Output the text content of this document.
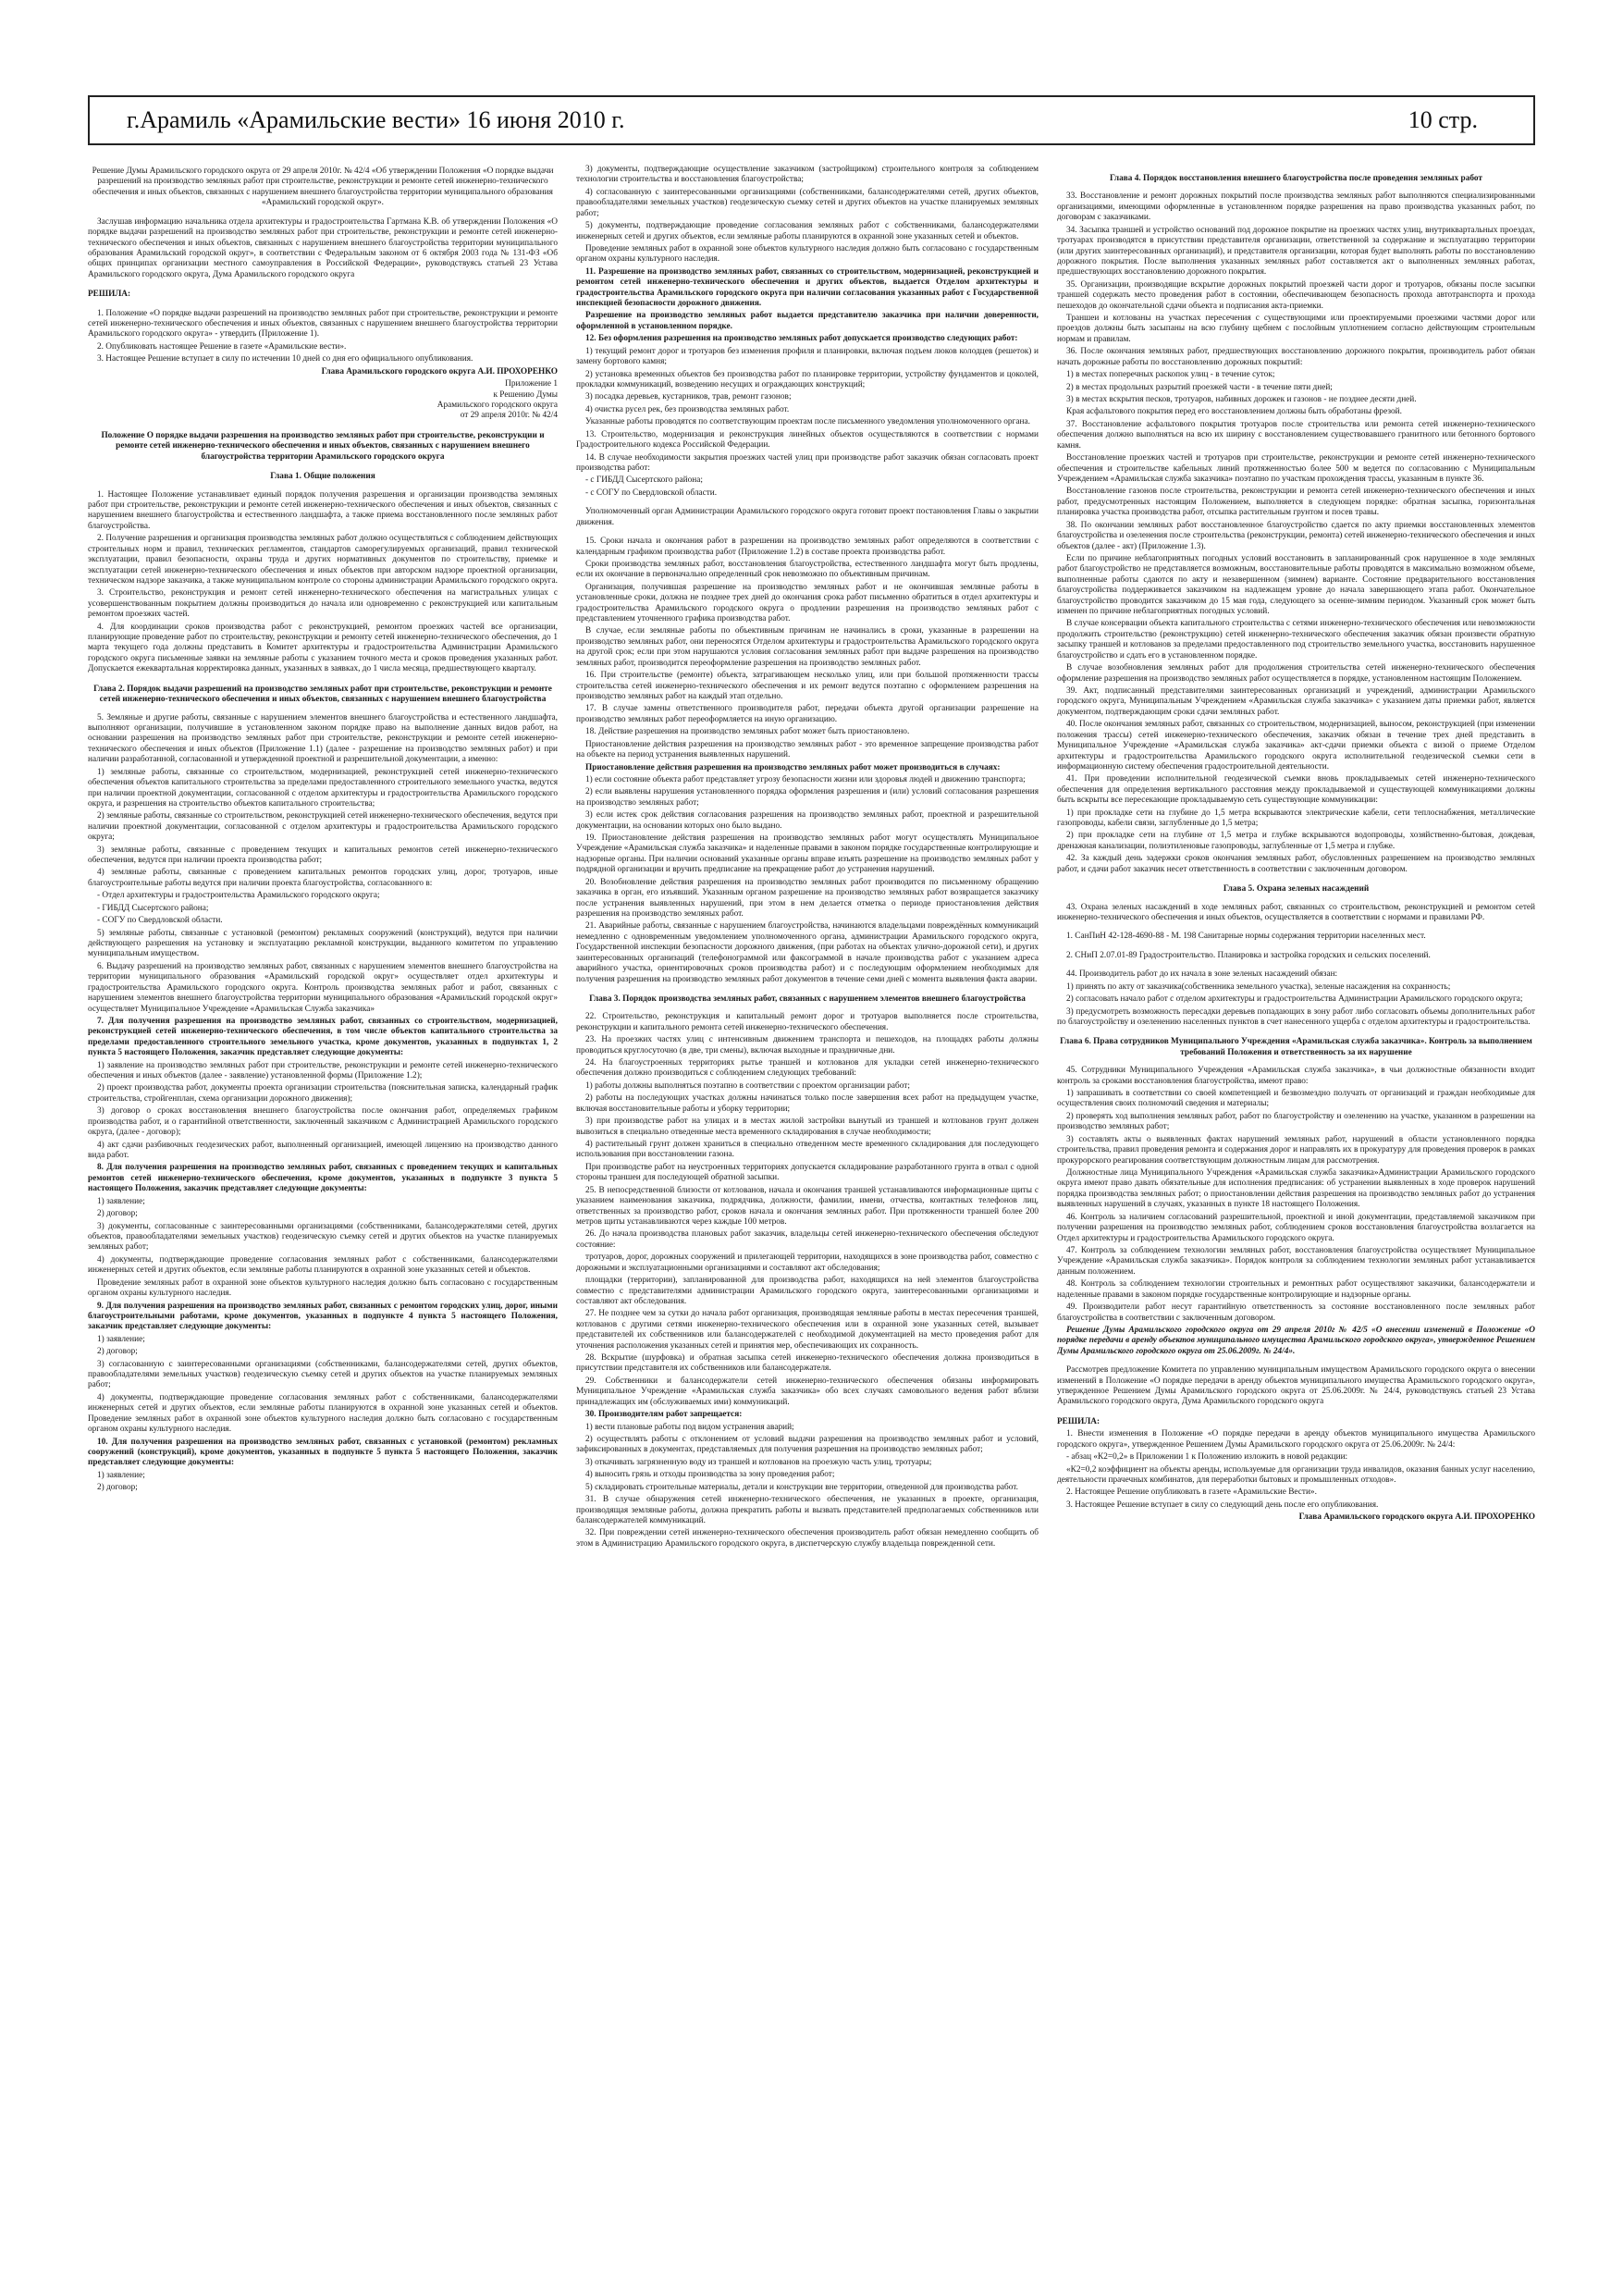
г.Арамиль «Арамильские вести» 16 июня 2010 г.	10 стр.

Решение Думы Арамильского городского округа от 29 апреля 2010г. № 42/4 «Об утверждении Положения «О порядке выдачи разрешений на производство земляных работ при строительстве, реконструкции и ремонте сетей инженерно-технического обеспечения и иных объектов, связанных с нарушением внешнего благоустройства территории муниципального образования «Арамильский городской округ».

Заслушав информацию начальника отдела архитектуры и градостроительства Гартмана К.В. об утверждении Положения «О порядке выдачи разрешений на производство земляных работ при строительстве, реконструкции и ремонте сетей инженерно-технического обеспечения и иных объектов, связанных с нарушением внешнего благоустройства территории муниципального образования Арамильский городской округ», в соответствии с Федеральным законом от 6 октября 2003 года № 131-ФЗ «Об общих принципах организации местного самоуправления в Российской Федерации», руководствуясь статьей 23 Устава Арамильского городского округа, Дума Арамильского городского округа

РЕШИЛА:

1. Положение «О порядке выдачи разрешений на производство земляных работ при строительстве, реконструкции и ремонте сетей инженерно-технического обеспечения и иных объектов, связанных с нарушением внешнего благоустройства территории Арамильского городского округа» - утвердить (Приложение 1).

2. Опубликовать настоящее Решение в газете «Арамильские вести».

3. Настоящее Решение вступает в силу по истечении 10 дней со дня его официального опубликования.

Глава Арамильского городского округа А.И. ПРОХОРЕНКО

Приложение 1

к Решению Думы

Арамильского городского округа

от 29 апреля 2010г. № 42/4

Положение О порядке выдачи разрешения на производство земляных работ при строительстве, реконструкции и ремонте сетей инженерно-технического обеспечения и иных объектов, связанных с нарушением внешнего благоустройства территории Арамильского городского округа

Глава 1. Общие положения

1. Настоящее Положение устанавливает единый порядок получения разрешения и организации производства земляных работ при строительстве, реконструкции и ремонте сетей инженерно-технического обеспечения и иных объектов, связанных с нарушением внешнего благоустройства и естественного ландшафта, а также приема восстановленного после земляных работ благоустройства.

2. Получение разрешения и организация производства земляных работ должно осуществляться с соблюдением действующих строительных норм и правил, технических регламентов, стандартов саморегулируемых организаций, правил технической эксплуатации, правил безопасности, охраны труда и других нормативных документов по строительству, приемке и эксплуатации сетей инженерно-технического обеспечения и иных объектов при авторском надзоре проектной организации, техническом надзоре заказчика, а также муниципальном контроле со стороны администрации Арамильского городского округа.

3. Строительство, реконструкция и ремонт сетей инженерно-технического обеспечения на магистральных улицах с усовершенствованным покрытием должны производиться до начала или одновременно с реконструкцией или капитальным ремонтом проезжих частей.

4. Для координации сроков производства работ с реконструкцией, ремонтом проезжих частей все организации, планирующие проведение работ по строительству, реконструкции и ремонту сетей инженерно-технического обеспечения, до 1 марта текущего года должны представить в Комитет архитектуры и градостроительства Администрации Арамильского городского округа письменные заявки на земляные работы с указанием точного места и сроков проведения указанных работ. Допускается ежеквартальная корректировка данных, указанных в заявках, до 1 числа месяца, предшествующего кварталу.

Глава 2. Порядок выдачи разрешений на производство земляных работ при строительстве, реконструкции и ремонте сетей инженерно-технического обеспечения и иных объектов, связанных с нарушением внешнего благоустройства

5. Земляные и другие работы, связанные с нарушением элементов внешнего благоустройства и естественного ландшафта, выполняют организации, получившие в установленном законом порядке право на выполнение данных видов работ, на основании разрешения на производство земляных работ при строительстве, реконструкции и ремонте сетей инженерно-технического обеспечения и иных объектов (Приложение 1.1) (далее - разрешение на производство земляных работ) и при наличии разработанной, согласованной и утвержденной проектной и разрешительной документации, а именно:

1) земляные работы, связанные со строительством, модернизацией, реконструкцией сетей инженерно-технического обеспечения объектов капитального строительства за пределами предоставленного строительного земельного участка, ведутся при наличии проектной документации, согласованной с отделом архитектуры и градостроительства Арамильского городского округа, и разрешения на строительство объектов капитального строительства;

2) земляные работы, связанные со строительством, реконструкцией сетей инженерно-технического обеспечения, ведутся при наличии проектной документации, согласованной с отделом архитектуры и градостроительства Арамильского городского округа;

3) земляные работы, связанные с проведением текущих и капитальных ремонтов сетей инженерно-технического обеспечения, ведутся при наличии проекта производства работ;

4) земляные работы, связанные с проведением капитальных ремонтов городских улиц, дорог, тротуаров, иные благоустроительные работы ведутся при наличии проекта благоустройства, согласованного в:

- Отдел архитектуры и градостроительства Арамильского городского округа;

- ГИБДД Сысертского района;

- СОГУ по Свердловской области.

5) земляные работы, связанные с установкой (ремонтом) рекламных сооружений (конструкций), ведутся при наличии действующего разрешения на установку и эксплуатацию рекламной конструкции, выданного комитетом по управлению муниципальным имуществом.

6. Выдачу разрешений на производство земляных работ, связанных с нарушением элементов внешнего благоустройства на территории муниципального образования «Арамильский городской округ» осуществляет отдел архитектуры и градостроительства Арамильского городского округа. Контроль производства земляных работ и работ, связанных с нарушением элементов внешнего благоустройства территории муниципального образования «Арамильский городской округ» осуществляет Муниципальное Учреждение «Арамильская Служба заказчика»

7. Для получения разрешения на производство земляных работ, связанных со строительством, модернизацией, реконструкцией сетей инженерно-технического обеспечения, в том числе объектов капитального строительства за пределами предоставленного строительного земельного участка, кроме документов, указанных в подпунктах 1, 2 пункта 5 настоящего Положения, заказчик представляет следующие документы:

1) заявление на производство земляных работ при строительстве, реконструкции и ремонте сетей инженерно-технического обеспечения и иных объектов (далее - заявление) установленной формы (Приложение 1.2);

2) проект производства работ, документы проекта организации строительства (пояснительная записка, календарный график строительства, стройгенплан, схема организации дорожного движения);

3) договор о сроках восстановления внешнего благоустройства после окончания работ, определяемых графиком производства работ, и о гарантийной ответственности, заключенный заказчиком с Администрацией Арамильского городского округа, (далее - договор);

4) акт сдачи разбивочных геодезических работ, выполненный организацией, имеющей лицензию на производство данного вида работ.

8. Для получения разрешения на производство земляных работ, связанных с проведением текущих и капитальных ремонтов сетей инженерно-технического обеспечения, кроме документов, указанных в подпункте 3 пункта 5 настоящего Положения, заказчик представляет следующие документы:

1) заявление;

2) договор;

3) документы, согласованные с заинтересованными организациями (собственниками, балансодержателями сетей, других объектов, правообладателями земельных участков) геодезическую съемку сетей и других объектов на участке планируемых земляных работ;

4) документы, подтверждающие проведение согласования земляных работ с собственниками, балансодержателями инженерных сетей и других объектов, если земляные работы планируются в охранной зоне указанных сетей и объектов.

Проведение земляных работ в охранной зоне объектов культурного наследия должно быть согласовано с государственным органом охраны культурного наследия.

9. Для получения разрешения на производство земляных работ, связанных с ремонтом городских улиц, дорог, иными благоустроительными работами, кроме документов, указанных в подпункте 4 пункта 5 настоящего Положения, заказчик представляет следующие документы:

1) заявление;

2) договор;

3) согласованную с заинтересованными организациями (собственниками, балансодержателями сетей, других объектов, правообладателями земельных участков) геодезическую съемку сетей и других объектов на участке планируемых земляных работ;

4) документы, подтверждающие проведение согласования земляных работ с собственниками, балансодержателями инженерных сетей и других объектов, если земляные работы планируются в охранной зоне указанных сетей и объектов. Проведение земляных работ в охранной зоне объектов культурного наследия должно быть согласовано с государственным органом охраны культурного наследия.

10. Для получения разрешения на производство земляных работ, связанных с установкой (ремонтом) рекламных сооружений (конструкций), кроме документов, указанных в подпункте 5 пункта 5 настоящего Положения, заказчик представляет следующие документы:

1) заявление;

2) договор;

3) документы, подтверждающие осуществление заказчиком (застройщиком) строительного контроля за соблюдением технологии строительства и восстановления благоустройства;

4) согласованную с заинтересованными организациями (собственниками, балансодержателями сетей, других объектов, правообладателями земельных участков) геодезическую съемку сетей и других объектов на участке планируемых земляных работ;

5) документы, подтверждающие проведение согласования земляных работ с собственниками, балансодержателями инженерных сетей и других объектов, если земляные работы планируются в охранной зоне указанных сетей и объектов.

Проведение земляных работ в охранной зоне объектов культурного наследия должно быть согласовано с государственным органом охраны культурного наследия.

11. Разрешение на производство земляных работ, связанных со строительством, модернизацией, реконструкцией и ремонтом сетей инженерно-технического обеспечения и других объектов, выдается Отделом архитектуры и градостроительства Арамильского городского округа при наличии согласования указанных работ с Государственной инспекцией безопасности дорожного движения.

Разрешение на производство земляных работ выдается представителю заказчика при наличии доверенности, оформленной в установленном порядке.

12. Без оформления разрешения на производство земляных работ допускается производство следующих работ:

1) текущий ремонт дорог и тротуаров без изменения профиля и планировки, включая подъем люков колодцев (решеток) и замену бортового камня;

2) установка временных объектов без производства работ по планировке территории, устройству фундаментов и цоколей, прокладки коммуникаций, возведению несущих и ограждающих конструкций;

3) посадка деревьев, кустарников, трав, ремонт газонов;

4) очистка русел рек, без производства земляных работ.

Указанные работы проводятся по соответствующим проектам после письменного уведомления уполномоченного органа.

13. Строительство, модернизация и реконструкция линейных объектов осуществляются в соответствии с нормами Градостроительного кодекса Российской Федерации.

14. В случае необходимости закрытия проезжих частей улиц при производстве работ заказчик обязан согласовать проект производства работ:

- с ГИБДД Сысертского района;

- с СОГУ по Свердловской области.

Уполномоченный орган Администрации Арамильского городского округа готовит проект постановления Главы о закрытии движения.

15. Сроки начала и окончания работ в разрешении на производство земляных работ определяются в соответствии с календарным графиком производства работ (Приложение 1.2) в составе проекта производства работ.

Сроки производства земляных работ, восстановления благоустройства, естественного ландшафта могут быть продлены, если их окончание в первоначально определенный срок невозможно по объективным причинам.

Организация, получившая разрешение на производство земляных работ и не окончившая земляные работы в установленные сроки, должна не позднее трех дней до окончания срока работ письменно обратиться в отдел архитектуры и градостроительства Арамильского городского округа о продлении разрешения на производство земляных работ с представлением уточненного графика производства работ.

В случае, если земляные работы по объективным причинам не начинались в сроки, указанные в разрешении на производство земляных работ, они переносятся Отделом архитектуры и градостроительства Арамильского городского округа на другой срок; если при этом нарушаются условия согласования земляных работ при выдаче разрешения на производство земляных работ, производится переоформление разрешения на производство земляных работ.

16. При строительстве (ремонте) объекта, затрагивающем несколько улиц, или при большой протяженности трассы строительства сетей инженерно-технического обеспечения и их ремонт ведутся поэтапно с оформлением разрешения на производство земляных работ на каждый этап отдельно.

17. В случае замены ответственного производителя работ, передачи объекта другой организации разрешение на производство земляных работ переоформляется на иную организацию.

18. Действие разрешения на производство земляных работ может быть приостановлено.

Приостановление действия разрешения на производство земляных работ - это временное запрещение производства работ на объекте на период устранения выявленных нарушений.

Приостановление действия разрешения на производство земляных работ может производиться в случаях:

1) если состояние объекта работ представляет угрозу безопасности жизни или здоровья людей и движению транспорта;

2) если выявлены нарушения установленного порядка оформления разрешения и (или) условий согласования разрешения на производство земляных работ;

3) если истек срок действия согласования разрешения на производство земляных работ, проектной и разрешительной документации, на основании которых оно было выдано.

19. Приостановление действия разрешения на производство земляных работ могут осуществлять Муниципальное Учреждение «Арамильская служба заказчика» и наделенные правами в законом порядке государственные контролирующие и надзорные органы. При наличии оснований указанные органы вправе изъять разрешение на производство земляных работ у подрядной организации и вручить предписание на прекращение работ до устранения нарушений.

20. Возобновление действия разрешения на производство земляных работ производится по письменному обращению заказчика в орган, его изъявший. Указанным органом разрешение на производство земляных работ возвращается заказчику после устранения выявленных нарушений, при этом в нем делается отметка о периоде приостановления действия разрешения на производство земляных работ.

21. Аварийные работы, связанные с нарушением благоустройства, начинаются владельцами повреждённых коммуникаций немедленно с одновременным уведомлением уполномоченного органа, администрации Арамильского городского округа, Государственной инспекции безопасности дорожного движения, (при работах на объектах улично-дорожной сети), и других заинтересованных организаций (телефонограммой или факсограммой в начале производства работ с указанием адреса аварийного участка, ориентировочных сроков производства работ) и с последующим оформлением необходимых для получения разрешения на производство земляных работ документов в течение семи дней с момента выявления факта аварии.

Глава 3. Порядок производства земляных работ, связанных с нарушением элементов внешнего благоустройства

22. Строительство, реконструкция и капитальный ремонт дорог и тротуаров выполняется после строительства, реконструкции и капитального ремонта сетей инженерно-технического обеспечения.

23. На проезжих частях улиц с интенсивным движением транспорта и пешеходов, на площадях работы должны проводиться круглосуточно (в две, три смены), включая выходные и праздничные дни.

24. На благоустроенных территориях рытье траншей и котлованов для укладки сетей инженерно-технического обеспечения должно производиться с соблюдением следующих требований:

1) работы должны выполняться поэтапно в соответствии с проектом организации работ;

2) работы на последующих участках должны начинаться только после завершения всех работ на предыдущем участке, включая восстановительные работы и уборку территории;

3) при производстве работ на улицах и в местах жилой застройки вынутый из траншей и котлованов грунт должен вывозиться в специально отведенные места временного складирования в случае необходимости;

4) растительный грунт должен храниться в специально отведенном месте временного складирования для последующего использования при восстановлении газона.

При производстве работ на неустроенных территориях допускается складирование разработанного грунта в отвал с одной стороны траншеи для последующей обратной засыпки.

25. В непосредственной близости от котлованов, начала и окончания траншей устанавливаются информационные щиты с указанием наименования заказчика, подрядчика, должности, фамилии, имени, отчества, контактных телефонов лиц, ответственных за производство работ, сроков начала и окончания земляных работ. При протяженности траншей более 200 метров щиты устанавливаются через каждые 100 метров.

26. До начала производства плановых работ заказчик, владельцы сетей инженерно-технического обеспечения обследуют состояние:

тротуаров, дорог, дорожных сооружений и прилегающей территории, находящихся в зоне производства работ, совместно с дорожными и эксплуатационными организациями и составляют акт обследования;

площадки (территории), запланированной для производства работ, находящихся на ней элементов благоустройства совместно с представителями администрации Арамильского городского округа, заинтересованными организациями и составляют акт обследования.

27. Не позднее чем за сутки до начала работ организация, производящая земляные работы в местах пересечения траншей, котлованов с другими сетями инженерно-технического обеспечения или в охранной зоне указанных сетей, вызывает представителей их собственников или балансодержателей с необходимой документацией на место проведения работ для уточнения расположения указанных сетей и принятия мер, обеспечивающих их сохранность.

28. Вскрытие (шурфовка) и обратная засыпка сетей инженерно-технического обеспечения должна производиться в присутствии представителя их собственников или балансодержателя.

29. Собственники и балансодержатели сетей инженерно-технического обеспечения обязаны информировать Муниципальное Учреждение «Арамильская служба заказчика» обо всех случаях самовольного ведения работ вблизи принадлежащих им (обслуживаемых ими) коммуникаций.

30. Производителям работ запрещается:

1) вести плановые работы под видом устранения аварий;

2) осуществлять работы с отклонением от условий выдачи разрешения на производство земляных работ и условий, зафиксированных в документах, представляемых для получения разрешения на производство земляных работ;

3) откачивать загрязненную воду из траншей и котлованов на проезжую часть улиц, тротуары;

4) выносить грязь и отходы производства за зону проведения работ;

5) складировать строительные материалы, детали и конструкции вне территории, отведенной для производства работ.

31. В случае обнаружения сетей инженерно-технического обеспечения, не указанных в проекте, организация, производящая земляные работы, должна прекратить работы и вызвать представителей предполагаемых собственников или балансодержателей коммуникаций.

32. При повреждении сетей инженерно-технического обеспечения производитель работ обязан немедленно сообщить об этом в Администрацию Арамильского городского округа, в диспетчерскую службу владельца поврежденной сети.

Глава 4. Порядок восстановления внешнего благоустройства после проведения земляных работ

33. Восстановление и ремонт дорожных покрытий после производства земляных работ выполняются специализированными организациями, имеющими оформленные в установленном порядке разрешения на право производства указанных работ, по договорам с заказчиками.

34. Засыпка траншей и устройство оснований под дорожное покрытие на проезжих частях улиц, внутриквартальных проездах, тротуарах производятся в присутствии представителя организации, ответственной за содержание и эксплуатацию территории (или других заинтересованных организаций), и представителя организации, которая будет выполнять работы по восстановлению дорожного покрытия. После выполнения указанных земляных работ составляется акт о выполненных земляных работах, предшествующих восстановлению дорожного покрытия.

35. Организации, производящие вскрытие дорожных покрытий проезжей части дорог и тротуаров, обязаны после засыпки траншей содержать место проведения работ в состоянии, обеспечивающем безопасность прохода автотранспорта и прохода пешеходов до окончательной сдачи объекта и подписания акта-приемки.

Траншеи и котлованы на участках пересечения с существующими или проектируемыми проезжими частями дорог или проездов должны быть засыпаны на всю глубину щебнем с послойным уплотнением согласно действующим строительным нормам и правилам.

36. После окончания земляных работ, предшествующих восстановлению дорожного покрытия, производитель работ обязан начать дорожные работы по восстановлению дорожных покрытий:

1) в местах поперечных раскопок улиц - в течение суток;

2) в местах продольных разрытий проезжей части - в течение пяти дней;

3) в местах вскрытия песков, тротуаров, набивных дорожек и газонов - не позднее десяти дней.

Края асфальтового покрытия перед его восстановлением должны быть обработаны фрезой.

37. Восстановление асфальтового покрытия тротуаров после строительства или ремонта сетей инженерно-технического обеспечения должно выполняться на всю их ширину с восстановлением существовавшего гранитного или бетонного бортового камня.

Восстановление проезжих частей и тротуаров при строительстве, реконструкции и ремонте сетей инженерно-технического обеспечения и строительстве кабельных линий протяженностью более 500 м ведется по согласованию с Муниципальным Учреждением «Арамильская служба заказчика» поэтапно по участкам прохождения трассы, указанным в пункте 36.

Восстановление газонов после строительства, реконструкции и ремонта сетей инженерно-технического обеспечения и иных работ, предусмотренных настоящим Положением, выполняется в следующем порядке: обратная засыпка, горизонтальная планировка участка производства работ, отсыпка растительным грунтом и посев травы.

38. По окончании земляных работ восстановленное благоустройство сдается по акту приемки восстановленных элементов благоустройства и озеленения после строительства (реконструкции, ремонта) сетей инженерно-технического обеспечения и иных объектов (далее - акт) (Приложение 1.3).

Если по причине неблагоприятных погодных условий восстановить в запланированный срок нарушенное в ходе земляных работ благоустройство не представляется возможным, восстановительные работы проводятся в максимально возможном объеме, выполненные работы сдаются по акту и незавершенном (зимнем) варианте. Состояние предварительного восстановления благоустройства поддерживается заказчиком на надлежащем уровне до начала завершающего этапа работ. Окончательное благоустройство проводится заказчиком до 15 мая года, следующего за осенне-зимним периодом. Указанный срок может быть изменен по причине неблагоприятных погодных условий.

В случае консервации объекта капитального строительства с сетями инженерно-технического обеспечения или невозможности продолжить строительство (реконструкцию) сетей инженерно-технического обеспечения заказчик обязан произвести обратную засыпку траншей и котлованов за пределами предоставленного под строительство земельного участка, восстановить нарушенное благоустройство и сдать его в установленном порядке.

В случае возобновления земляных работ для продолжения строительства сетей инженерно-технического обеспечения оформление разрешения на производство земляных работ осуществляется в порядке, установленном настоящим Положением.

39. Акт, подписанный представителями заинтересованных организаций и учреждений, администрации Арамильского городского округа, Муниципальным Учреждением «Арамильская служба заказчика» с указанием даты приемки работ, является документом, подтверждающим сроки сдачи земляных работ.

40. После окончания земляных работ, связанных со строительством, модернизацией, выносом, реконструкцией (при изменении положения трассы) сетей инженерно-технического обеспечения, заказчик обязан в течение трех дней представить в Муниципальное Учреждение «Арамильская служба заказчика» акт-сдачи приемки объекта с визой о приеме Отделом архитектуры и градостроительства Арамильского городского округа исполнительной геодезической съемки сети в информационную систему обеспечения градостроительной деятельности.

41. При проведении исполнительной геодезической съемки вновь прокладываемых сетей инженерно-технического обеспечения для определения вертикального расстояния между прокладываемой и существующей коммуникациями должны быть вскрыты все пересекающие прокладываемую сеть существующие коммуникации:

1) при прокладке сети на глубине до 1,5 метра вскрываются электрические кабели, сети теплоснабжения, металлические газопроводы, кабели связи, заглубленные до 1,5 метра;

2) при прокладке сети на глубине от 1,5 метра и глубже вскрываются водопроводы, хозяйственно-бытовая, дождевая, дренажная канализации, полиэтиленовые газопроводы, заглубленные от 1,5 метра и глубже.

42. За каждый день задержки сроков окончания земляных работ, обусловленных разрешением на производство земляных работ, и сдачи работ заказчик несет ответственность в соответствии с заключенным договором.

Глава 5. Охрана зеленых насаждений

43. Охрана зеленых насаждений в ходе земляных работ, связанных со строительством, реконструкцией и ремонтом сетей инженерно-технического обеспечения и иных объектов, осуществляется в соответствии с нормами и правилами РФ.

1. СанПиН 42-128-4690-88 - М. 198 Санитарные нормы содержания территории населенных мест.

2. СНиП 2.07.01-89 Градостроительство. Планировка и застройка городских и сельских поселений.

44. Производитель работ до их начала в зоне зеленых насаждений обязан:

1) принять по акту от заказчика(собственника земельного участка), зеленые насаждения на сохранность;

2) согласовать начало работ с отделом архитектуры и градостроительства Администрации Арамильского городского округа;

3) предусмотреть возможность пересадки деревьев попадающих в зону работ либо согласовать объемы дополнительных работ по благоустройству и озеленению населенных пунктов в счет нанесенного ущерба с отделом архитектуры и градостроительства.

Глава 6. Права сотрудников Муниципального Учреждения «Арамильская служба заказчика». Контроль за выполнением требований Положения и ответственность за их нарушение

45. Сотрудники Муниципального Учреждения «Арамильская служба заказчика», в чьи должностные обязанности входит контроль за сроками восстановления благоустройства, имеют право:

1) запрашивать в соответствии со своей компетенцией и безвозмездно получать от организаций и граждан необходимые для осуществления своих полномочий сведения и материалы;

2) проверять ход выполнения земляных работ, работ по благоустройству и озеленению на участке, указанном в разрешении на производство земляных работ;

3) составлять акты о выявленных фактах нарушений земляных работ, нарушений в области установленного порядка строительства, правил проведения ремонта и содержания дорог и направлять их в прокуратуру для проведения проверок в рамках прокурорского реагирования соответствующим должностным лицам для рассмотрения.

Должностные лица Муниципального Учреждения «Арамильская служба заказчика»Администрации Арамильского городского округа имеют право давать обязательные для исполнения предписания: об устранении выявленных в ходе проверок нарушений порядка производства земляных работ; о приостановлении действия разрешения на производство земляных работ до устранения выявленных нарушений в случаях, указанных в пункте 18 настоящего Положения.

46. Контроль за наличием согласований разрешительной, проектной и иной документации, представляемой заказчиком при получении разрешения на производство земляных работ, соблюдением сроков восстановления благоустройства возлагается на Отдел архитектуры и градостроительства Арамильского городского округа.

47. Контроль за соблюдением технологии земляных работ, восстановления благоустройства осуществляет Муниципальное Учреждение «Арамильская служба заказчика». Порядок контроля за соблюдением технологии земляных работ устанавливается данным положением.

48. Контроль за соблюдением технологии строительных и ремонтных работ осуществляют заказчики, балансодержатели и наделенные правами в законом порядке государственные контролирующие и надзорные органы.

49. Производители работ несут гарантийную ответственность за состояние восстановленного после земляных работ благоустройства в соответствии с заключенным договором.

Решение Думы Арамильского городского округа от 29 апреля 2010г № 42/5 «О внесении изменений в Положение «О порядке передачи в аренду объектов муниципального имущества Арамильского городского округа», утвержденное Решением Думы Арамильского городского округа от 25.06.2009г. № 24/4».

Рассмотрев предложение Комитета по управлению муниципальным имуществом Арамильского городского округа о внесении изменений в Положение «О порядке передачи в аренду объектов муниципального имущества Арамильского городского округа», утвержденное Решением Думы Арамильского городского округа от 25.06.2009г. № 24/4, руководствуясь статьей 23 Устава Арамильского городского округа, Дума Арамильского городского округа

РЕШИЛА:

1. Внести изменения в Положение «О порядке передачи в аренду объектов муниципального имущества Арамильского городского округа», утвержденное Решением Думы Арамильского городского округа от 25.06.2009г. № 24/4:

- абзац «К2=0,2» в Приложении 1 к Положению изложить в новой редакции:

«К2=0,2 коэффициент на объекты аренды, используемые для организации труда инвалидов, оказания банных услуг населению, деятельности прачечных комбинатов, для переработки бытовых и промышленных отходов».

2. Настоящее Решение опубликовать в газете «Арамильские Вести».

3. Настоящее Решение вступает в силу со следующий день после его опубликования.

Глава Арамильского городского округа А.И. ПРОХОРЕНКО
